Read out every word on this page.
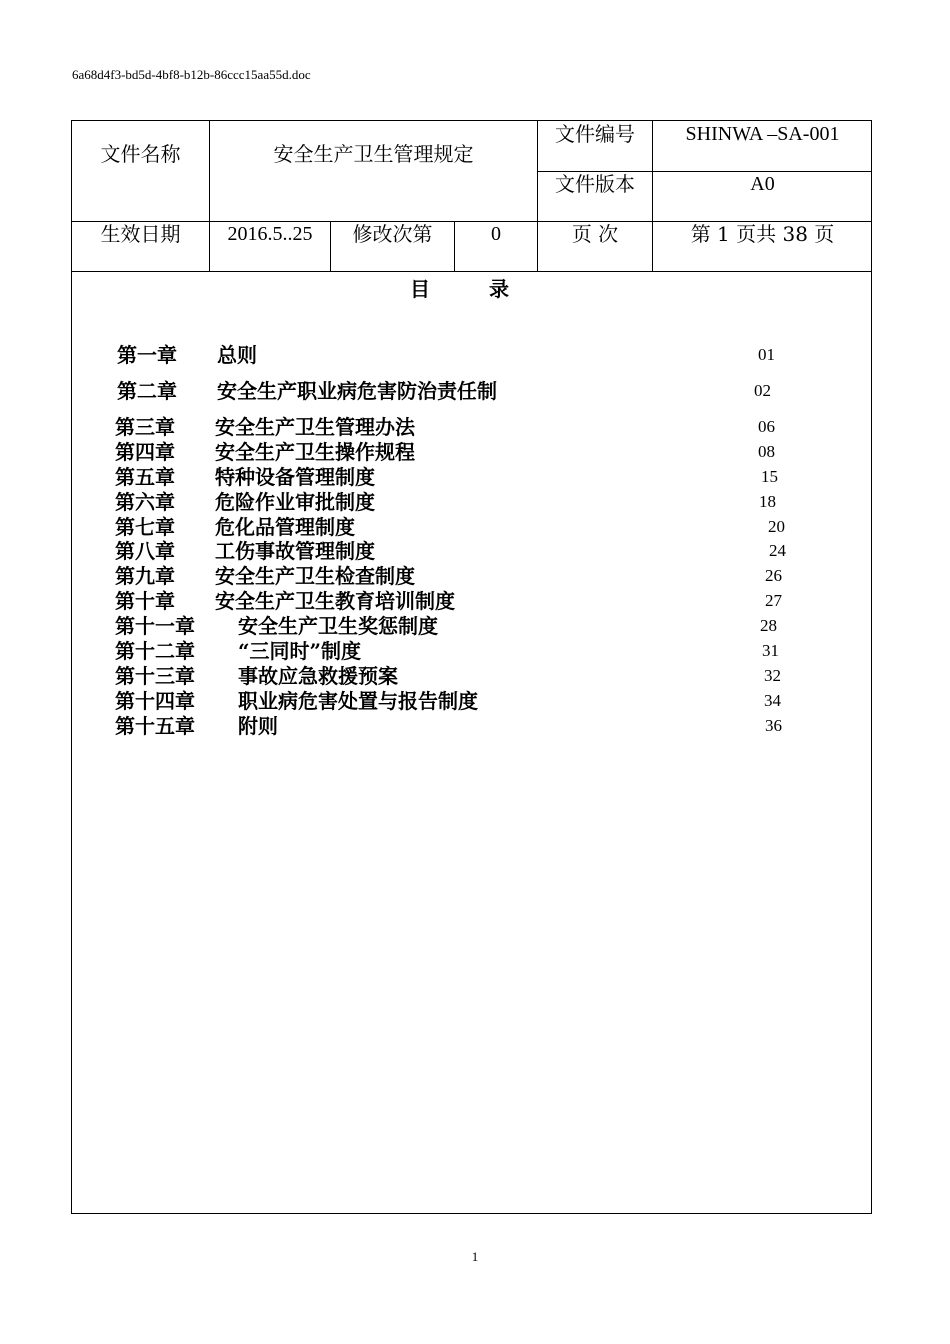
6a68d4f3-bd5d-4bf8-b12b-86ccc15aa55d.doc
文件名称	安全生产卫生管理规定
文件编号	SHINWA –SA-001
文件版本	A0
生效日期	2016.5..25	修改次第	0	页 次	第 1 页共 38 页
目 录
第一章 总则	01
第二章 安全生产职业病危害防治责任制	02
第三章 安全生产卫生管理办法	06
第四章 安全生产卫生操作规程	08
第五章 特种设备管理制度	15
第六章 危险作业审批制度	18
第七章 危化品管理制度	20
第八章 工伤事故管理制度	24
第九章 安全生产卫生检查制度	26
第十章 安全生产卫生教育培训制度	27
第十一章 安全生产卫生奖惩制度	28
第十二章 “三同时”制度	31
第十三章 事故应急救援预案	32
第十四章 职业病危害处置与报告制度	34
第十五章 附则	36
1
